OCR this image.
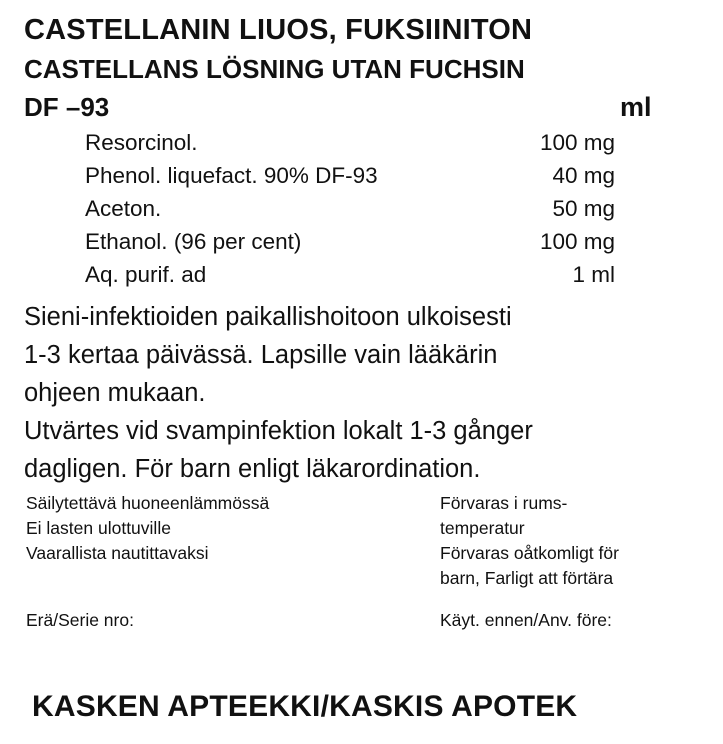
CASTELLANIN LIUOS, FUKSIINITON
CASTELLANS LÖSNING UTAN FUCHSIN
DF –93	ml
Resorcinol.	100 mg
Phenol. liquefact. 90% DF-93	40 mg
Aceton.	50 mg
Ethanol. (96 per cent)	100 mg
Aq. purif. ad	1 ml

Sieni-infektioiden paikallishoitoon ulkoisesti

1-3 kertaa päivässä. Lapsille vain lääkärin

ohjeen mukaan.

Utvärtes vid svampinfektion lokalt 1-3 gånger

dagligen. För barn enligt läkarordination.

Säilytettävä huoneenlämmössä
Ei lasten ulottuville
Vaarallista nautittavaksi
Förvaras i rums-
temperatur
Förvaras oåtkomligt för
barn, Farligt att förtära
Erä/Serie nro:	Käyt. ennen/Anv. före:
KASKEN APTEEKKI/KASKIS APOTEK
